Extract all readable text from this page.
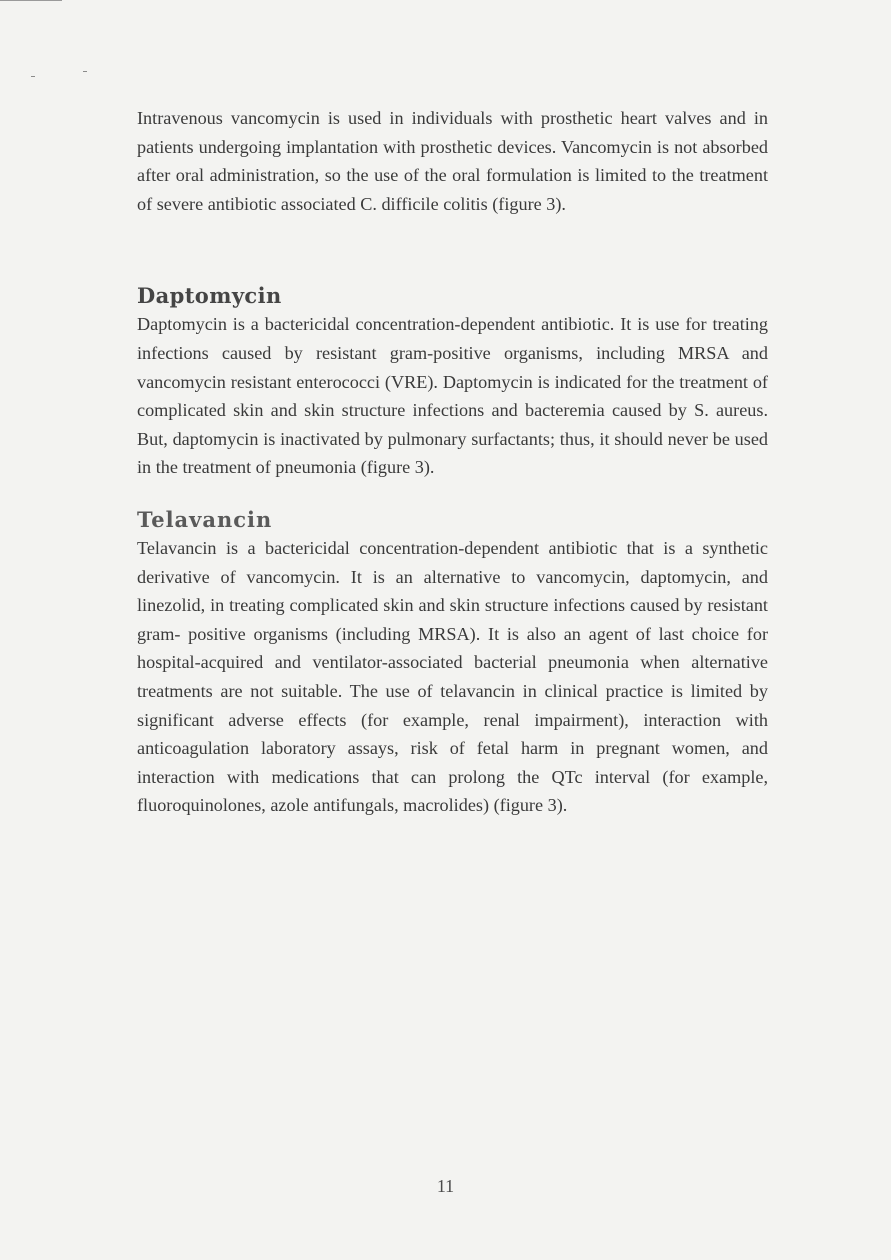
Intravenous vancomycin is used in individuals with prosthetic heart valves and in patients undergoing implantation with prosthetic devices. Vancomycin is not absorbed after oral administration, so the use of the oral formulation is limited to the treatment of severe antibiotic associated C. difficile colitis (figure 3).

Daptomycin

Daptomycin is a bactericidal concentration-dependent antibiotic. It is use for treating infections caused by resistant gram-positive organisms, including MRSA and vancomycin resistant enterococci (VRE). Daptomycin is indicated for the treatment of complicated skin and skin structure infections and bacteremia caused by S. aureus. But, daptomycin is inactivated by pulmonary surfactants; thus, it should never be used in the treatment of pneumonia (figure 3).

Telavancin

Telavancin is a bactericidal concentration-dependent antibiotic that is a synthetic derivative of vancomycin. It is an alternative to vancomycin, daptomycin, and linezolid, in treating complicated skin and skin structure infections caused by resistant gram- positive organisms (including MRSA). It is also an agent of last choice for hospital-acquired and ventilator-associated bacterial pneumonia when alternative treatments are not suitable. The use of telavancin in clinical practice is limited by significant adverse effects (for example, renal impairment), interaction with anticoagulation laboratory assays, risk of fetal harm in pregnant women, and interaction with medications that can prolong the QTc interval (for example, fluoroquinolones, azole antifungals, macrolides) (figure 3).

11
